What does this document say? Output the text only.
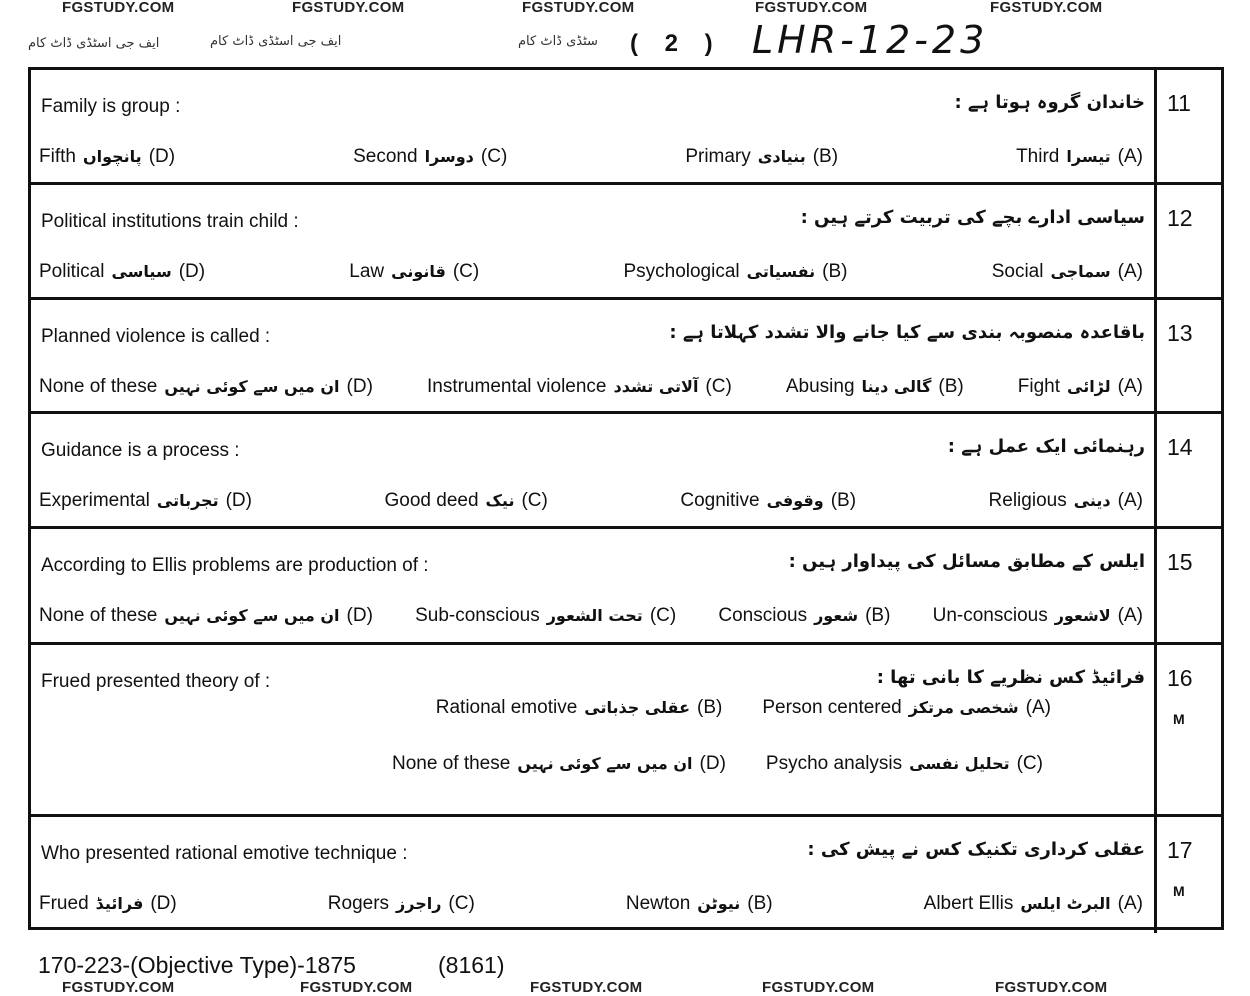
FGSTUDY.COM	FGSTUDY.COM	FGSTUDY.COM	FGSTUDY.COM	FGSTUDY.COM
ایف جی اسٹڈی ڈاٹ کام	ایف جی اسٹڈی ڈاٹ کام	سٹڈی ڈاٹ کام ( 2 ) LHR-12-23
11
Family is group :	خاندان گروہ ہوتا ہے :
Third تیسرا (A)
Primary بنیادی (B)
Second دوسرا (C)
Fifth پانچواں (D)
12
Political institutions train child :	سیاسی ادارے بچے کی تربیت کرتے ہیں :
Social سماجی (A)
Psychological نفسیاتی (B)
Law قانونی (C)
Political سیاسی (D)
13
Planned violence is called :	باقاعدہ منصوبہ بندی سے کیا جانے والا تشدد کہلاتا ہے :
Fight لڑائی (A)
Abusing گالی دینا (B)
Instrumental violence آلاتی تشدد (C)
None of these ان میں سے کوئی نہیں (D)
14
Guidance is a process :	رہنمائی ایک عمل ہے :
Religious دینی (A)
Cognitive وقوفی (B)
Good deed نیک (C)
Experimental تجرباتی (D)
15
According to Ellis problems are production of :	ایلس کے مطابق مسائل کی پیداوار ہیں :
Un-conscious لاشعور (A)
Conscious شعور (B)
Sub-conscious تحت الشعور (C)
None of these ان میں سے کوئی نہیں (D)
16
M
Frued presented theory of :	فرائیڈ کس نظریے کا بانی تھا :
Person centered شخصی مرتکز (A)
Rational emotive عقلی جذباتی (B)
Psycho analysis تحلیل نفسی (C)
None of these ان میں سے کوئی نہیں (D)
17
M
Who presented rational emotive technique :	عقلی کرداری تکنیک کس نے پیش کی :
Albert Ellis البرٹ ایلس (A)
Newton نیوٹن (B)
Rogers راجرز (C)
Frued فرائیڈ (D)
170-223-(Objective Type)-1875	(8161)
FGSTUDY.COM	FGSTUDY.COM	FGSTUDY.COM	FGSTUDY.COM	FGSTUDY.COM
